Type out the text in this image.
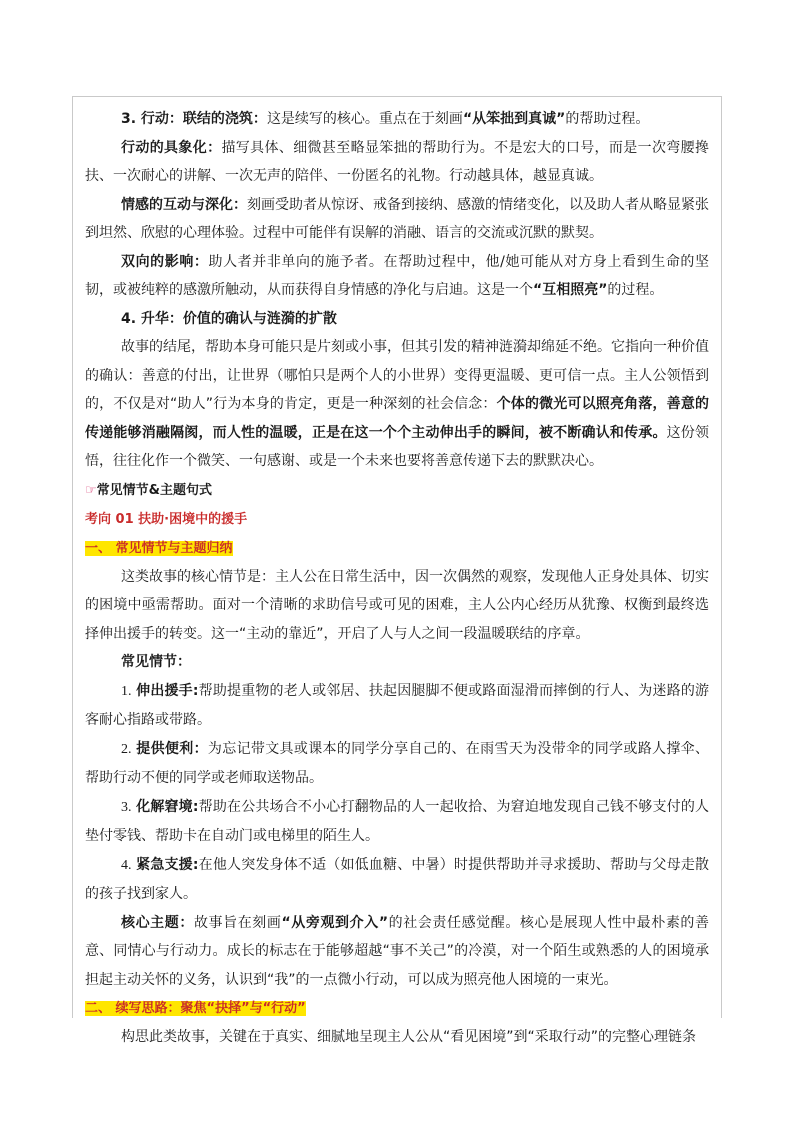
3. 行动：联结的浇筑：这是续写的核心。重点在于刻画“从笨拙到真诚”的帮助过程。

行动的具象化：描写具体、细微甚至略显笨拙的帮助行为。不是宏大的口号，而是一次弯腰搀扶、一次耐心的讲解、一次无声的陪伴、一份匿名的礼物。行动越具体，越显真诚。

情感的互动与深化：刻画受助者从惊讶、戒备到接纳、感激的情绪变化，以及助人者从略显紧张到坦然、欣慰的心理体验。过程中可能伴有误解的消融、语言的交流或沉默的默契。

双向的影响：助人者并非单向的施予者。在帮助过程中，他/她可能从对方身上看到生命的坚韧，或被纯粹的感激所触动，从而获得自身情感的净化与启迪。这是一个“互相照亮”的过程。

4. 升华：价值的确认与涟漪的扩散

故事的结尾，帮助本身可能只是片刻或小事，但其引发的精神涟漪却绵延不绝。它指向一种价值的确认：善意的付出，让世界（哪怕只是两个人的小世界）变得更温暖、更可信一点。主人公领悟到的，不仅是对“助人”行为本身的肯定，更是一种深刻的社会信念：个体的微光可以照亮角落，善意的传递能够消融隔阂，而人性的温暖，正是在这一个个主动伸出手的瞬间，被不断确认和传承。这份领悟，往往化作一个微笑、一句感谢、或是一个未来也要将善意传递下去的默默决心。

☞常见情节&主题句式
考向 01 扶助·困境中的援手
一、 常见情节与主题归纳

这类故事的核心情节是：主人公在日常生活中，因一次偶然的观察，发现他人正身处具体、切实的困境中亟需帮助。面对一个清晰的求助信号或可见的困难，主人公内心经历从犹豫、权衡到最终选择伸出援手的转变。这一“主动的靠近”，开启了人与人之间一段温暖联结的序章。

常见情节：

1. 伸出援手:帮助提重物的老人或邻居、扶起因腿脚不便或路面湿滑而摔倒的行人、为迷路的游客耐心指路或带路。

2. 提供便利：为忘记带文具或课本的同学分享自己的、在雨雪天为没带伞的同学或路人撑伞、帮助行动不便的同学或老师取送物品。

3. 化解窘境:帮助在公共场合不小心打翻物品的人一起收拾、为窘迫地发现自己钱不够支付的人垫付零钱、帮助卡在自动门或电梯里的陌生人。

4. 紧急支援:在他人突发身体不适（如低血糖、中暑）时提供帮助并寻求援助、帮助与父母走散的孩子找到家人。

核心主题：故事旨在刻画“从旁观到介入”的社会责任感觉醒。核心是展现人性中最朴素的善意、同情心与行动力。成长的标志在于能够超越“事不关己”的冷漠，对一个陌生或熟悉的人的困境承担起主动关怀的义务，认识到“我”的一点微小行动，可以成为照亮他人困境的一束光。

二、 续写思路：聚焦“抉择”与“行动”

构思此类故事，关键在于真实、细腻地呈现主人公从“看见困境”到“采取行动”的完整心理链条
